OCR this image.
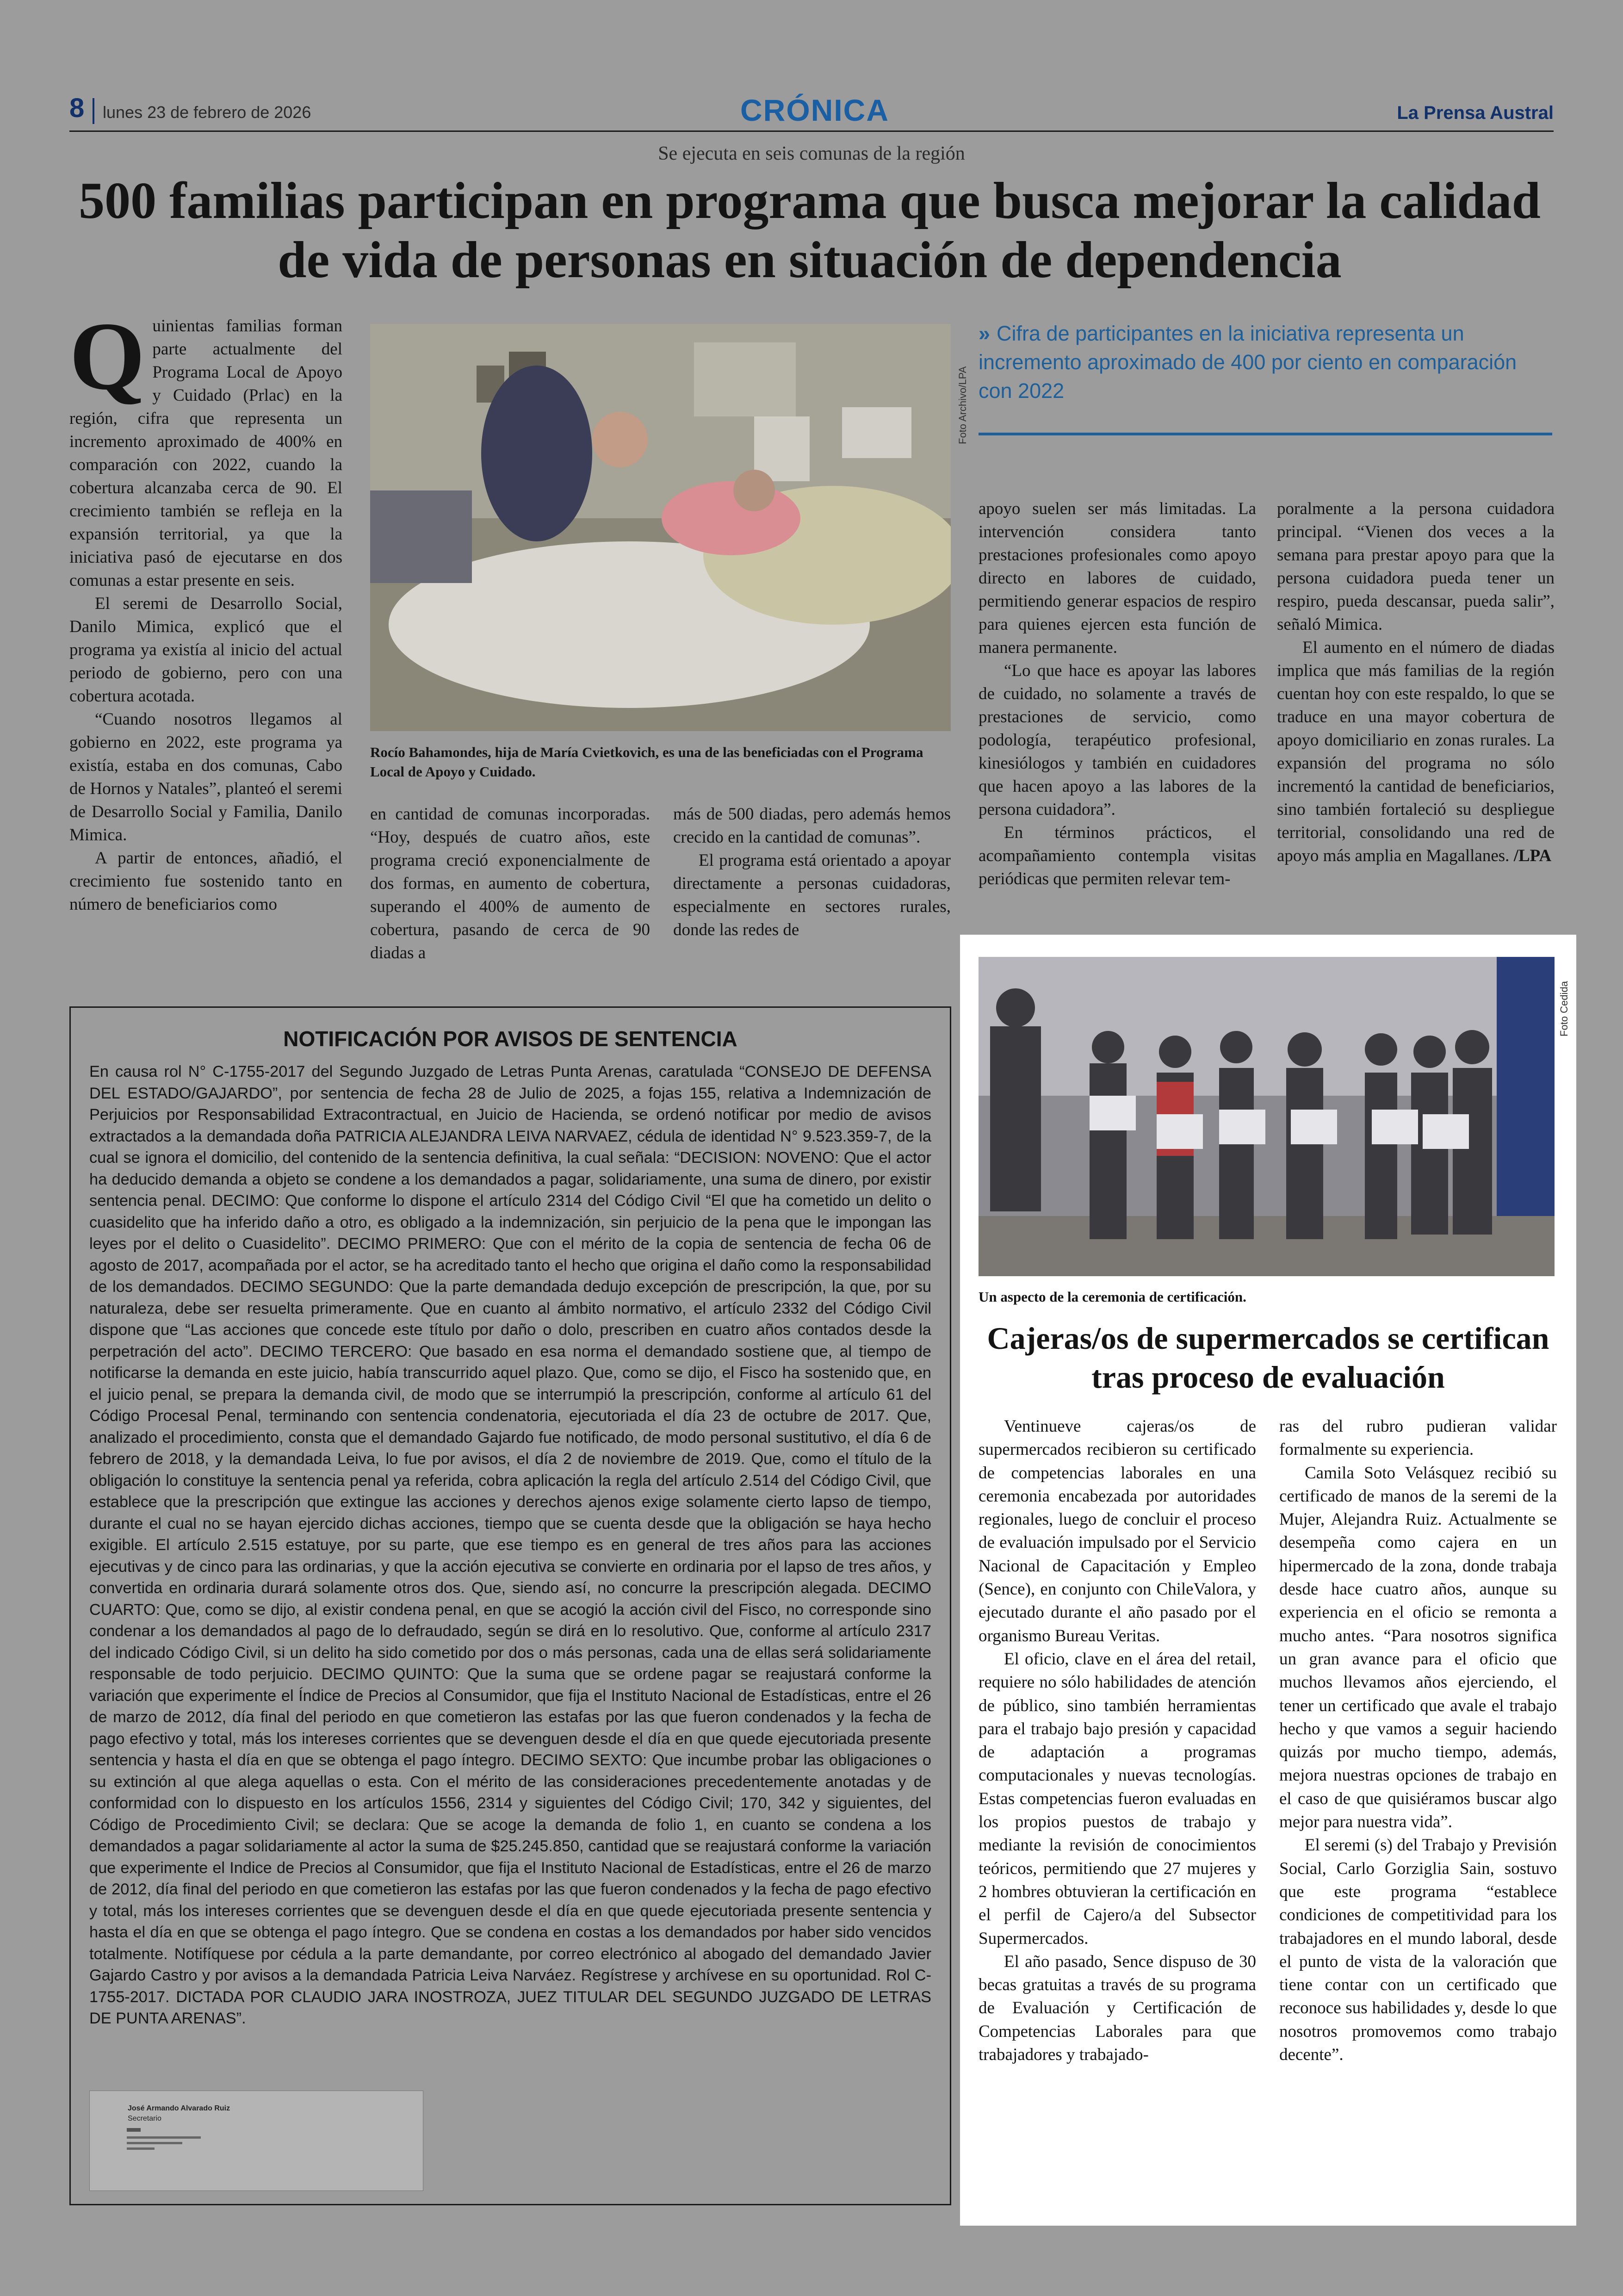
8 lunes 23 de febrero de 2026	CRÓNICA	La Prensa Austral
Se ejecuta en seis comunas de la región
500 familias participan en programa que busca mejorar la calidad de vida de personas en situación de dependencia

Quinientas familias forman parte actualmente del Programa Local de Apoyo y Cuidado (Prlac) en la región, cifra que representa un incremento aproximado de 400% en comparación con 2022, cuando la cobertura alcanzaba cerca de 90. El crecimiento también se refleja en la expansión territorial, ya que la iniciativa pasó de ejecutarse en dos comunas a estar presente en seis.

El seremi de Desarrollo Social, Danilo Mimica, explicó que el programa ya existía al inicio del actual periodo de gobierno, pero con una cobertura acotada.

“Cuando nosotros llegamos al gobierno en 2022, este programa ya existía, estaba en dos comunas, Cabo de Hornos y Natales”, planteó el seremi de Desarrollo Social y Familia, Danilo Mimica.

A partir de entonces, añadió, el crecimiento fue sostenido tanto en número de beneficiarios como

Foto Archivo/LPA
Rocío Bahamondes, hija de María Cvietkovich, es una de las beneficiadas con el Programa Local de Apoyo y Cuidado.
» Cifra de participantes en la iniciativa representa un incremento aproximado de 400 por ciento en comparación con 2022

en cantidad de comunas incorporadas. “Hoy, después de cuatro años, este programa creció exponencialmente de dos formas, en aumento de cobertura, superando el 400% de aumento de cobertura, pasando de cerca de 90 diadas a

más de 500 diadas, pero además hemos crecido en la cantidad de comunas”.

El programa está orientado a apoyar directamente a personas cuidadoras, especialmente en sectores rurales, donde las redes de

apoyo suelen ser más limitadas. La intervención considera tanto prestaciones profesionales como apoyo directo en labores de cuidado, permitiendo generar espacios de respiro para quienes ejercen esta función de manera permanente.

“Lo que hace es apoyar las labores de cuidado, no solamente a través de prestaciones de servicio, como podología, terapéutico profesional, kinesiólogos y también en cuidadores que hacen apoyo a las labores de la persona cuidadora”.

En términos prácticos, el acompañamiento contempla visitas periódicas que permiten relevar tem-

poralmente a la persona cuidadora principal. “Vienen dos veces a la semana para prestar apoyo para que la persona cuidadora pueda tener un respiro, pueda descansar, pueda salir”, señaló Mimica.

El aumento en el número de diadas implica que más familias de la región cuentan hoy con este respaldo, lo que se traduce en una mayor cobertura de apoyo domiciliario en zonas rurales. La expansión del programa no sólo incrementó la cantidad de beneficiarios, sino también fortaleció su despliegue territorial, consolidando una red de apoyo más amplia en Magallanes. /LPA

NOTIFICACIÓN POR AVISOS DE SENTENCIA
En causa rol N° C-1755-2017 del Segundo Juzgado de Letras Punta Arenas, caratulada “CONSEJO DE DEFENSA DEL ESTADO/GAJARDO”, por sentencia de fecha 28 de Julio de 2025, a fojas 155, relativa a Indemnización de Perjuicios por Responsabilidad Extracontractual, en Juicio de Hacienda, se ordenó notificar por medio de avisos extractados a la demandada doña PATRICIA ALEJANDRA LEIVA NARVAEZ, cédula de identidad N° 9.523.359-7, de la cual se ignora el domicilio, del contenido de la sentencia definitiva, la cual señala: “DECISION: NOVENO: Que el actor ha deducido demanda a objeto se condene a los demandados a pagar, solidariamente, una suma de dinero, por existir sentencia penal. DECIMO: Que conforme lo dispone el artículo 2314 del Código Civil “El que ha cometido un delito o cuasidelito que ha inferido daño a otro, es obligado a la indemnización, sin perjuicio de la pena que le impongan las leyes por el delito o Cuasidelito”. DECIMO PRIMERO: Que con el mérito de la copia de sentencia de fecha 06 de agosto de 2017, acompañada por el actor, se ha acreditado tanto el hecho que origina el daño como la responsabilidad de los demandados. DECIMO SEGUNDO: Que la parte demandada dedujo excepción de prescripción, la que, por su naturaleza, debe ser resuelta primeramente. Que en cuanto al ámbito normativo, el artículo 2332 del Código Civil dispone que “Las acciones que concede este título por daño o dolo, prescriben en cuatro años contados desde la perpetración del acto”. DECIMO TERCERO: Que basado en esa norma el demandado sostiene que, al tiempo de notificarse la demanda en este juicio, había transcurrido aquel plazo. Que, como se dijo, el Fisco ha sostenido que, en el juicio penal, se prepara la demanda civil, de modo que se interrumpió la prescripción, conforme al artículo 61 del Código Procesal Penal, terminando con sentencia condenatoria, ejecutoriada el día 23 de octubre de 2017. Que, analizado el procedimiento, consta que el demandado Gajardo fue notificado, de modo personal sustitutivo, el día 6 de febrero de 2018, y la demandada Leiva, lo fue por avisos, el día 2 de noviembre de 2019. Que, como el título de la obligación lo constituye la sentencia penal ya referida, cobra aplicación la regla del artículo 2.514 del Código Civil, que establece que la prescripción que extingue las acciones y derechos ajenos exige solamente cierto lapso de tiempo, durante el cual no se hayan ejercido dichas acciones, tiempo que se cuenta desde que la obligación se haya hecho exigible. El artículo 2.515 estatuye, por su parte, que ese tiempo es en general de tres años para las acciones ejecutivas y de cinco para las ordinarias, y que la acción ejecutiva se convierte en ordinaria por el lapso de tres años, y convertida en ordinaria durará solamente otros dos. Que, siendo así, no concurre la prescripción alegada. DECIMO CUARTO: Que, como se dijo, al existir condena penal, en que se acogió la acción civil del Fisco, no corresponde sino condenar a los demandados al pago de lo defraudado, según se dirá en lo resolutivo. Que, conforme al artículo 2317 del indicado Código Civil, si un delito ha sido cometido por dos o más personas, cada una de ellas será solidariamente responsable de todo perjuicio. DECIMO QUINTO: Que la suma que se ordene pagar se reajustará conforme la variación que experimente el Índice de Precios al Consumidor, que fija el Instituto Nacional de Estadísticas, entre el 26 de marzo de 2012, día final del periodo en que cometieron las estafas por las que fueron condenados y la fecha de pago efectivo y total, más los intereses corrientes que se devenguen desde el día en que quede ejecutoriada presente sentencia y hasta el día en que se obtenga el pago íntegro. DECIMO SEXTO: Que incumbe probar las obligaciones o su extinción al que alega aquellas o esta. Con el mérito de las consideraciones precedentemente anotadas y de conformidad con lo dispuesto en los artículos 1556, 2314 y siguientes del Código Civil; 170, 342 y siguientes, del Código de Procedimiento Civil; se declara: Que se acoge la demanda de folio 1, en cuanto se condena a los demandados a pagar solidariamente al actor la suma de $25.245.850, cantidad que se reajustará conforme la variación que experimente el Indice de Precios al Consumidor, que fija el Instituto Nacional de Estadísticas, entre el 26 de marzo de 2012, día final del periodo en que cometieron las estafas por las que fueron condenados y la fecha de pago efectivo y total, más los intereses corrientes que se devenguen desde el día en que quede ejecutoriada presente sentencia y hasta el día en que se obtenga el pago íntegro. Que se condena en costas a los demandados por haber sido vencidos totalmente. Notifíquese por cédula a la parte demandante, por correo electrónico al abogado del demandado Javier Gajardo Castro y por avisos a la demandada Patricia Leiva Narváez. Regístrese y archívese en su oportunidad. Rol C-1755-2017. DICTADA POR CLAUDIO JARA INOSTROZA, JUEZ TITULAR DEL SEGUNDO JUZGADO DE LETRAS DE PUNTA ARENAS”.
José Armando Alvarado Ruiz
Secretario
Foto Cedida
Un aspecto de la ceremonia de certificación.
Cajeras/os de supermercados se certifican tras proceso de evaluación

Ventinueve cajeras/os de supermercados recibieron su certificado de competencias laborales en una ceremonia encabezada por autoridades regionales, luego de concluir el proceso de evaluación impulsado por el Servicio Nacional de Capacitación y Empleo (Sence), en conjunto con ChileValora, y ejecutado durante el año pasado por el organismo Bureau Veritas.

El oficio, clave en el área del retail, requiere no sólo habilidades de atención de público, sino también herramientas para el trabajo bajo presión y capacidad de adaptación a programas computacionales y nuevas tecnologías. Estas competencias fueron evaluadas en los propios puestos de trabajo y mediante la revisión de conocimientos teóricos, permitiendo que 27 mujeres y 2 hombres obtuvieran la certificación en el perfil de Cajero/a del Subsector Supermercados.

El año pasado, Sence dispuso de 30 becas gratuitas a través de su programa de Evaluación y Certificación de Competencias Laborales para que trabajadores y trabajado-

ras del rubro pudieran validar formalmente su experiencia.

Camila Soto Velásquez recibió su certificado de manos de la seremi de la Mujer, Alejandra Ruiz. Actualmente se desempeña como cajera en un hipermercado de la zona, donde trabaja desde hace cuatro años, aunque su experiencia en el oficio se remonta a mucho antes. “Para nosotros significa un gran avance para el oficio que muchos llevamos años ejerciendo, el tener un certificado que avale el trabajo hecho y que vamos a seguir haciendo quizás por mucho tiempo, además, mejora nuestras opciones de trabajo en el caso de que quisiéramos buscar algo mejor para nuestra vida”.

El seremi (s) del Trabajo y Previsión Social, Carlo Gorziglia Sain, sostuvo que este programa “establece condiciones de competitividad para los trabajadores en el mundo laboral, desde el punto de vista de la valoración que tiene contar con un certificado que reconoce sus habilidades y, desde lo que nosotros promovemos como trabajo decente”.
